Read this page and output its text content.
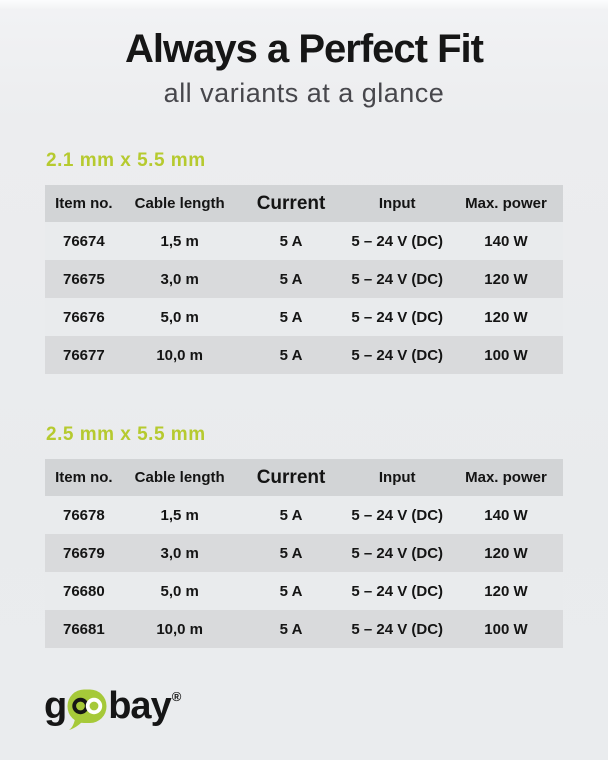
Always a Perfect Fit
all variants at a glance
2.1 mm x 5.5 mm
Item no.	Cable length	Current	Input	Max. power
76674	1,5 m	5 A	5 – 24 V (DC)	140 W
76675	3,0 m	5 A	5 – 24 V (DC)	120 W
76676	5,0 m	5 A	5 – 24 V (DC)	120 W
76677	10,0 m	5 A	5 – 24 V (DC)	100 W
2.5 mm x 5.5 mm
Item no.	Cable length	Current	Input	Max. power
76678	1,5 m	5 A	5 – 24 V (DC)	140 W
76679	3,0 m	5 A	5 – 24 V (DC)	120 W
76680	5,0 m	5 A	5 – 24 V (DC)	120 W
76681	10,0 m	5 A	5 – 24 V (DC)	100 W
g bay ®
